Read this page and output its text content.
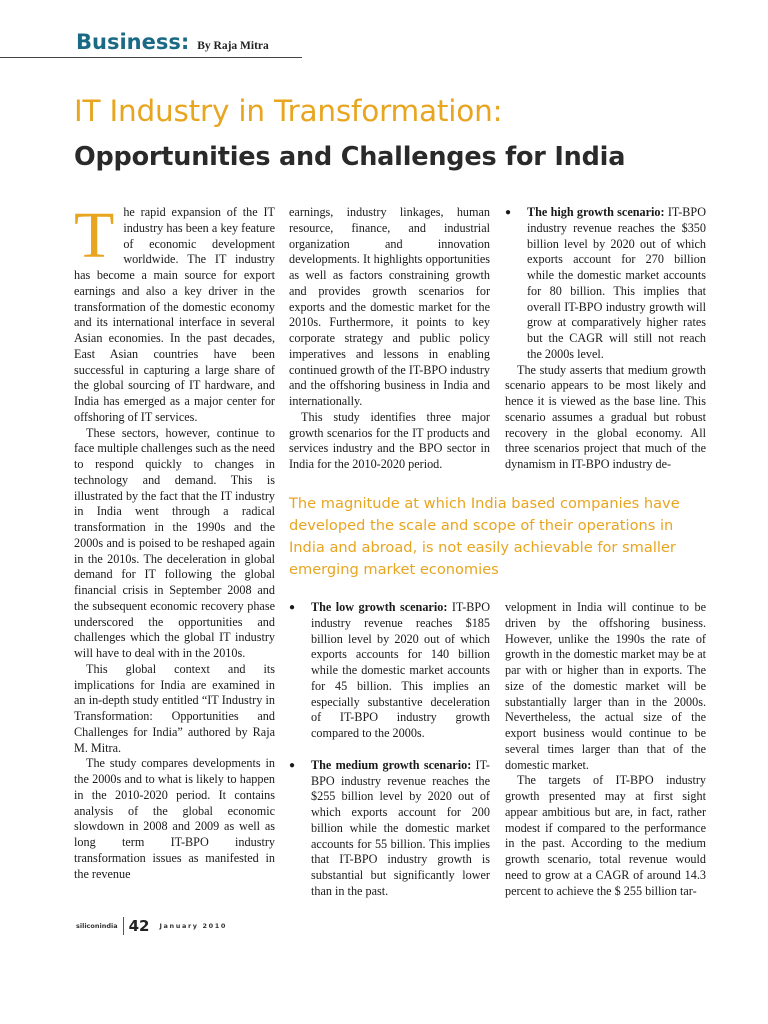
Business: By Raja Mitra
IT Industry in Transformation:
Opportunities and Challenges for India

The rapid expansion of the IT industry has been a key feature of economic development worldwide. The IT industry has become a main source for export earnings and also a key driver in the transformation of the domestic economy and its international interface in several Asian economies. In the past decades, East Asian countries have been successful in capturing a large share of the global sourcing of IT hardware, and India has emerged as a major center for offshoring of IT services.

These sectors, however, continue to face multiple challenges such as the need to respond quickly to changes in technology and demand. This is illustrated by the fact that the IT industry in India went through a radical transformation in the 1990s and the 2000s and is poised to be reshaped again in the 2010s. The deceleration in global demand for IT following the global financial crisis in September 2008 and the subsequent economic recovery phase underscored the opportunities and challenges which the global IT industry will have to deal with in the 2010s.

This global context and its implications for India are examined in an in-depth study entitled “IT Industry in Transformation: Opportunities and Challenges for India” authored by Raja M. Mitra.

The study compares developments in the 2000s and to what is likely to happen in the 2010-2020 period. It contains analysis of the global economic slowdown in 2008 and 2009 as well as long term IT-BPO industry transformation issues as manifested in the revenue

earnings, industry linkages, human resource, finance, and industrial organization and innovation developments. It highlights opportunities as well as factors constraining growth and provides growth scenarios for exports and the domestic market for the 2010s. Furthermore, it points to key corporate strategy and public policy imperatives and lessons in enabling continued growth of the IT-BPO industry and the offshoring business in India and internationally.

This study identifies three major growth scenarios for the IT products and services industry and the BPO sector in India for the 2010-2020 period.

● The high growth scenario: IT-BPO industry revenue reaches the $350 billion level by 2020 out of which exports account for 270 billion while the domestic market accounts for 80 billion. This implies that overall IT-BPO industry growth will grow at comparatively higher rates but the CAGR will still not reach the 2000s level.

The study asserts that medium growth scenario appears to be most likely and hence it is viewed as the base line. This scenario assumes a gradual but robust recovery in the global economy. All three scenarios project that much of the dynamism in IT-BPO industry de-

The magnitude at which India based companies have developed the scale and scope of their operations in India and abroad, is not easily achievable for smaller emerging market economies

● The low growth scenario: IT-BPO industry revenue reaches $185 billion level by 2020 out of which exports accounts for 140 billion while the domestic market accounts for 45 billion. This implies an especially substantive deceleration of IT-BPO industry growth compared to the 2000s.

● The medium growth scenario: IT-BPO industry revenue reaches the $255 billion level by 2020 out of which exports account for 200 billion while the domestic market accounts for 55 billion. This implies that IT-BPO industry growth is substantial but significantly lower than in the past.

velopment in India will continue to be driven by the offshoring business. However, unlike the 1990s the rate of growth in the domestic market may be at par with or higher than in exports. The size of the domestic market will be substantially larger than in the 2000s. Nevertheless, the actual size of the export business would continue to be several times larger than that of the domestic market.

The targets of IT-BPO industry growth presented may at first sight appear ambitious but are, in fact, rather modest if compared to the performance in the past. According to the medium growth scenario, total revenue would need to grow at a CAGR of around 14.3 percent to achieve the $ 255 billion tar-

siliconindia 42 January 2010
